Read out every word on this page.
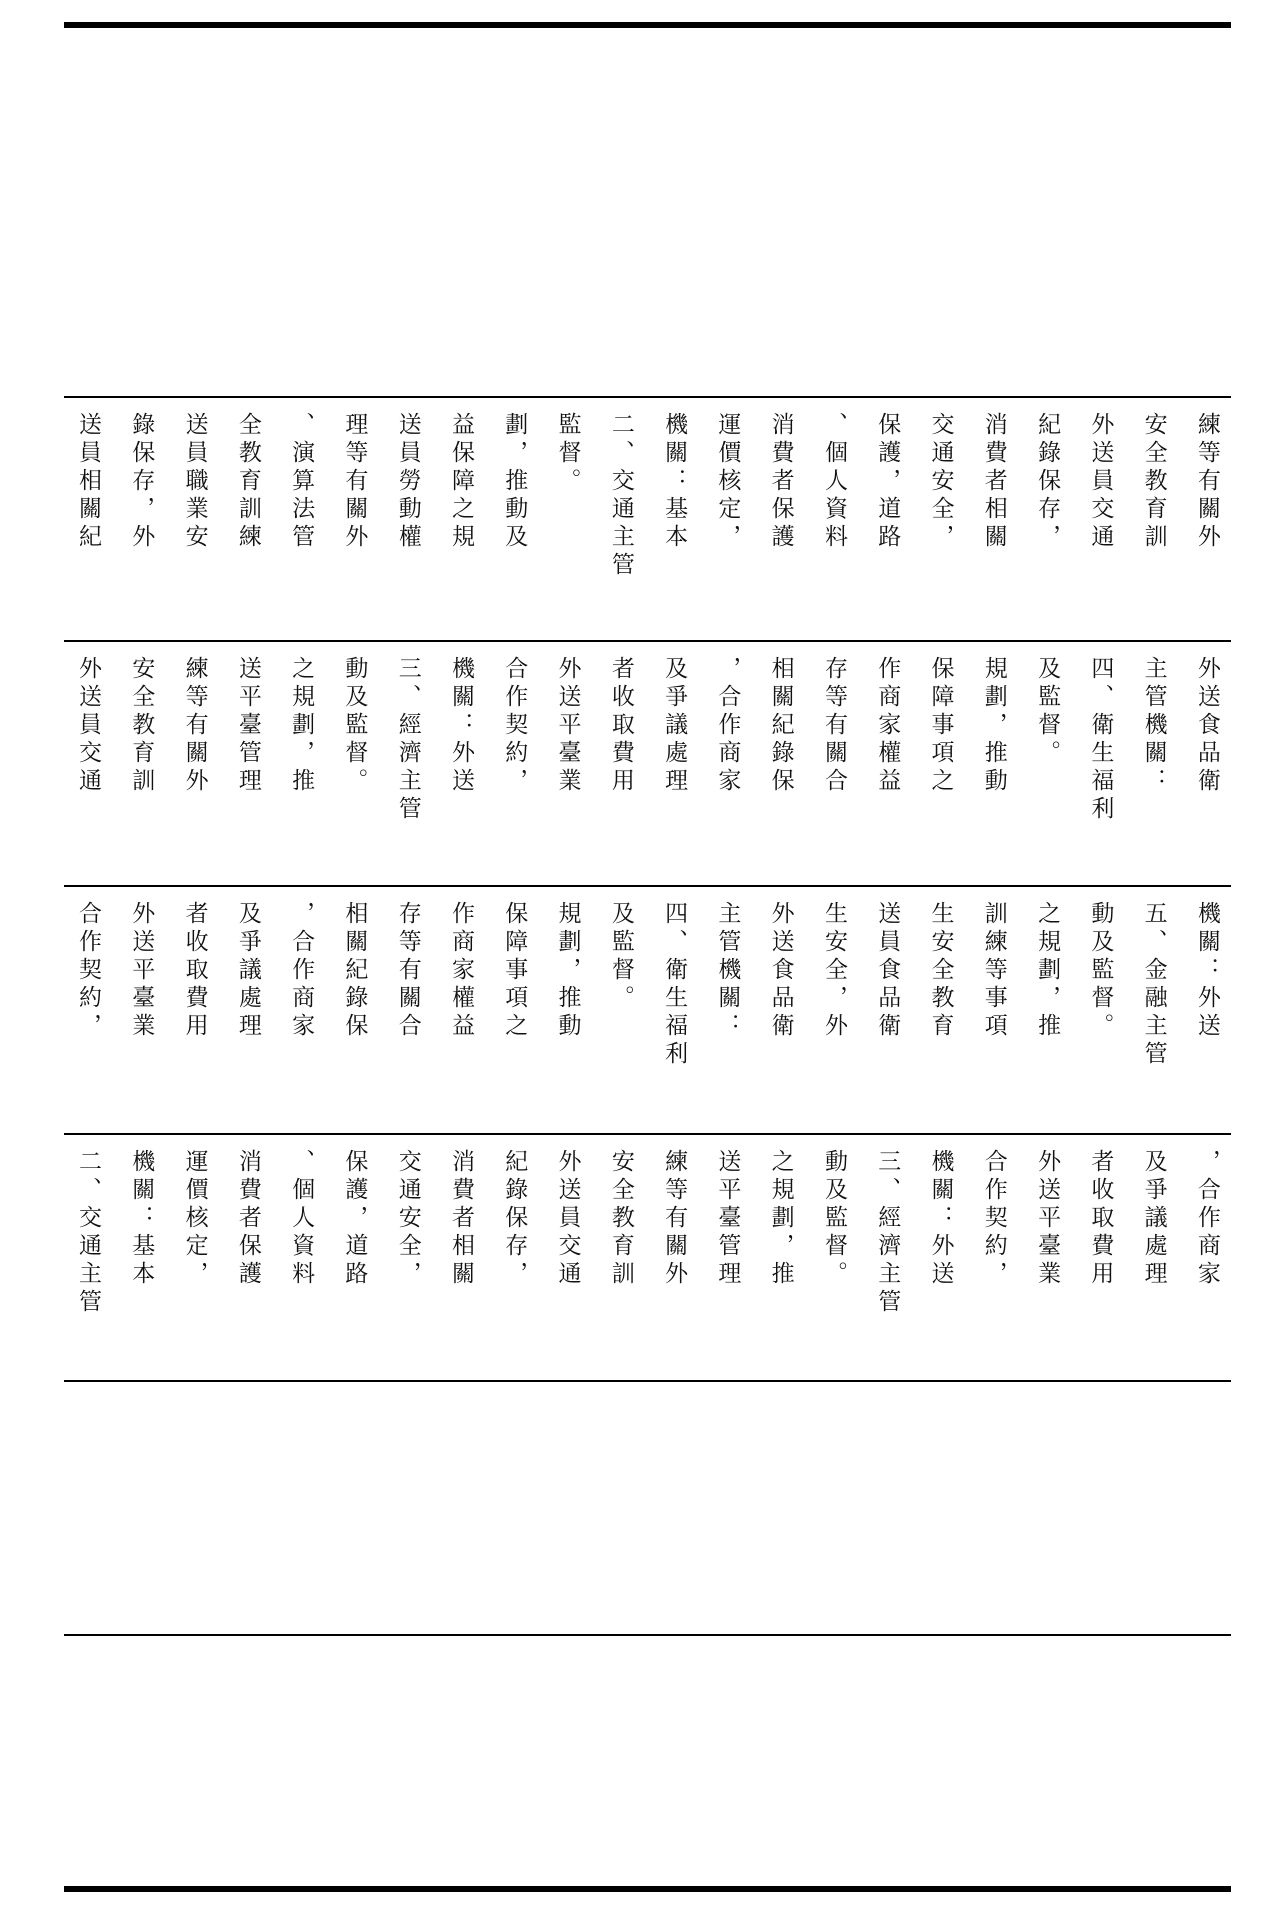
送員相關紀 錄保存，外 送員職業安 全教育訓練 、演算法管 理等有關外 送員勞動權 益保障之規 劃，推動及 監督。 二、交通主管 機關：基本 運價核定， 消費者保護 、個人資料 保護，道路 交通安全， 消費者相關 紀錄保存， 外送員交通 安全教育訓 練等有關外
外送員交通 安全教育訓 練等有關外 送平臺管理 之規劃，推 動及監督。 三、經濟主管 機關：外送 合作契約， 外送平臺業 者收取費用 及爭議處理 ，合作商家 相關紀錄保 存等有關合 作商家權益 保障事項之 規劃，推動 及監督。 四、衛生福利 主管機關： 外送食品衛
合作契約， 外送平臺業 者收取費用 及爭議處理 ，合作商家 相關紀錄保 存等有關合 作商家權益 保障事項之 規劃，推動 及監督。 四、衛生福利 主管機關： 外送食品衛 生安全，外 送員食品衛 生安全教育 訓練等事項 之規劃，推 動及監督。 五、金融主管 機關：外送
二、交通主管 機關：基本 運價核定， 消費者保護 、個人資料 保護，道路 交通安全， 消費者相關 紀錄保存， 外送員交通 安全教育訓 練等有關外 送平臺管理 之規劃，推 動及監督。 三、經濟主管 機關：外送 合作契約， 外送平臺業 者收取費用 及爭議處理 ，合作商家
